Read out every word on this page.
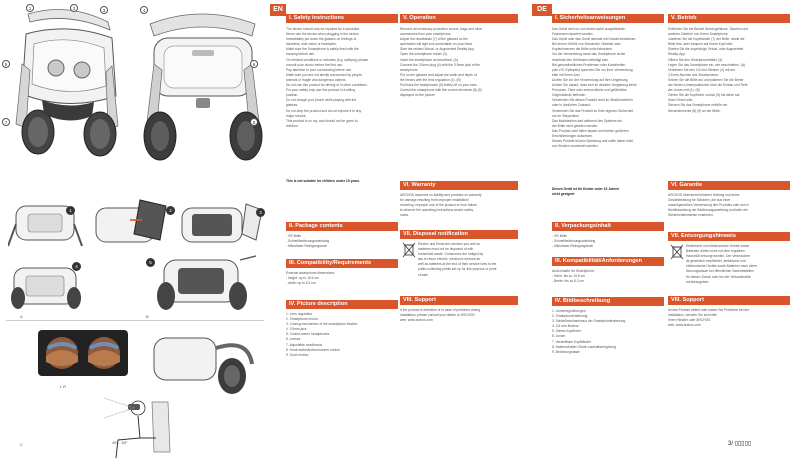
1	2	3	4
5	6
7	8
1	2	3
4
5
A	B
L R
45° - 60°
C
EN
I. Safety instructions
The device should only be repaired by a specialist.
Never use the device when plugging in the device.
Immediately put down the glasses on feelings of
dizziness, side vision or headache.
Make sure the Smartphone is safely fixed with the
housing before use.
On medical conditions or sickness (e.g. epilepsy) please
consult your doctor before the first use.
Pay attention to your surrounding before use.
Make sure you are not strictly surrounded by people,
animals or fragile and dangerous objects.
Do not use this product for driving or in other conditions.
For your safety only use this product in a sitting
position.
Do not charge your phone while playing with the
glasses.
Do not drop the product and do not expose it to any
major shocks.
This product is no toy, and should not be given to
children.
This is not suitable for children under 15 years.
II. Package contents
- VR-Brille
- Schnellbedienungsanleitung
- Mikrofaser-Reinigungstuch
III. Compatibility/Requirements
External smartphone dimensions:
- height: up to 15.6 cm
- width: up to 8.2 cm
IV. Picture description
1. Lens regulation
2. Smartphone mount
3. Closing mechanism of the smartphone fixation
4. 3.5mm jack
5. Closed-stereo headphones
6. Lenses
7. Adjustable headbands
8. Hook switch/button/volume control
9. Touch button
V. Operation
Remove all necessary protection covers, bags and other
accessories from your smartphone.
Adjust the headbands (7) of the glasses so the
spectacles will tight but comfortable on your head.
Start the related Virtual- or Augmented Reality App.
Open the smartphone holder (3).
Insert the smartphone as described. (A)
Connect the 3.5mm plug (4) with the 3.5mm jack of the
smartphone.
Put on the glasses and adjust the width and depth of
the lenses with the lens regulation (1). (B)
Pull back the headphones (5) briefly off on your ears.
Control the smartphone with the control elements (8) (9)
displayed on the picture.
VI. Warranty
ARCHOS assumes no liability and provides no warranty
for damage resulting from improper installation/
mounting, improper use of the product or from failure
to observe the operating instructions and/or safety
notes.
VII. Disposal notification
Electric and Electronic devices you well as
batteries must not be disposed of with
household waste. Consumers are obliged by
law to return electric, electronic devices as
well as batteries at the end of their service lives to the
public collecting points set up for this purpose or point
of sale.
VIII. Support
If the product is defective or in case of problems during
installation, please consult your dealer or ARCHOS.
web: www.archos.com
DE
I. Sicherheitsanweisungen
Das Gerät darf nur von einem dafür ausgebildeten
Fachmann repariert werden.
Das Gerät oder das Gerät niemals mit Gewalt einstecken.
Bei einem Gefühl von Schwindel, Übelkeit oder
Kopfschmerzen die Brille sofort absetzen.
Vor der Verwendung muss das Smartphone sicher
innerhalb des Gehäuses befestigt sein.
Bei gesundheitlichen Problemen oder Krankheiten
(wie z.B. Epilepsie) sprechen Sie vor Ihrer Verwendung
bitte mit Ihrem Arzt.
Achten Sie vor der Verwendung auf Ihre Umgebung.
Achten Sie darauf, dass sich im direkten Umgebung keine
Personen, Tiere oder zerbrechliche und gefährliche
Gegenstände befinden.
Verwenden Sie dieses Produkt nicht im Straßenverkehr
oder in ähnlichen Zustand.
Verwenden Sie das Produkt zu Ihrer eigenen Sicherheit
nur im Sitzposition.
Das Mobiltelefon darf während des Spielens mit
der Brille nicht geladen werden.
Das Produkt nicht fallen lassen und keinen größeren
Erschütterungen aussetzen.
Dieses Produkt ist kein Spielzeug und sollte daher nicht
von Kindern verwendet werden.
Dieses Gerät ist für Kinder unter 15 Jahren
nicht geeignet
II. Verpackungsinhalt
- VR-Brille
- Schnellbedienungsanleitung
- Mikrofaser-Reinigungstuch
III. Kompatibilität/Anforderungen
Außenmaße für Smartphone:
- Höhe: bis zu 15.6 cm
- Breite: bis zu 8.2 cm
IV. Bildbeschreibung
1. Linsenregulierungen
2. Smartphonehalterung
3. Schließmechanismus der Smartphonehalterung
4. 3,5 mm-Buchse
5. Stereo-Kopfhörer
6. Linsen
7. Verstellbare Kopfbänder
8. Hakenschalter-/Taste-Lautstärkeregelung
9. Berührungstaste
V. Betrieb
Entfernen Sie bei Bedarf Schutzgehäuse, Taschen und
anderes Zubehör von Ihrem Smartphone.
Justieren Sie die Kopfbänder (7) der Brille, damit die
Brille fest, aber bequem auf Ihrem Kopf sitzt.
Starten Sie die zugehörige Virtual- oder Augmented
Reality-App.
Öffnen Sie den Smartphonehalter (3).
Legen Sie das Smartphone ein, wie beschrieben. (A)
Verbinden Sie den 3,5 mm-Stecker (4) mit der
3,5 mm-Buchse des Smartphones.
Setzen Sie die Brille auf und justieren Sie die Breite
der beiden Linsenpositionen über die Einbau und Tiefe
der Linsen mit (1). (B)
Ziehen Sie die Kopfhörer zurück (5) bis diese auf
Ihren Ohren sitzt.
Steuern Sie das Smartphone mithilfe der
Steuerelemente (8) (9) an der Brille.
VI. Garantie
ARCHOS übernimmt keinerlei Haftung und keine
Gewährleistung für Schäden, die aus einer
unsachgemäßen Verwendung des Produkts oder durch
Nichtbeachtung der Bedienungsanleitung und/oder der
Sicherheitshinweise entstehen.
VII. Entsorgungshinweis
Elektrische und elektronische Geräte sowie
Batterien dürfen nicht mit dem regulären
Hausmüll entsorgt werden. Der Verbraucher
ist gesetzlich verpflichtet, elektrische und
elektronische Geräte sowie Batterien nach deren
Nutzungsdauer bei öffentlichen Sammelstellen
für diesen Zweck oder bei der Verkaufsstelle
zurückzugeben.
VIII. Support
Ist das Produkt defekt oder haben Sie Probleme bei der
Installation, wenden Sie sich bitte
Ihren Händler oder ARCHOS.
web: www.archos.com
3/ ▯▯▯▯▯
